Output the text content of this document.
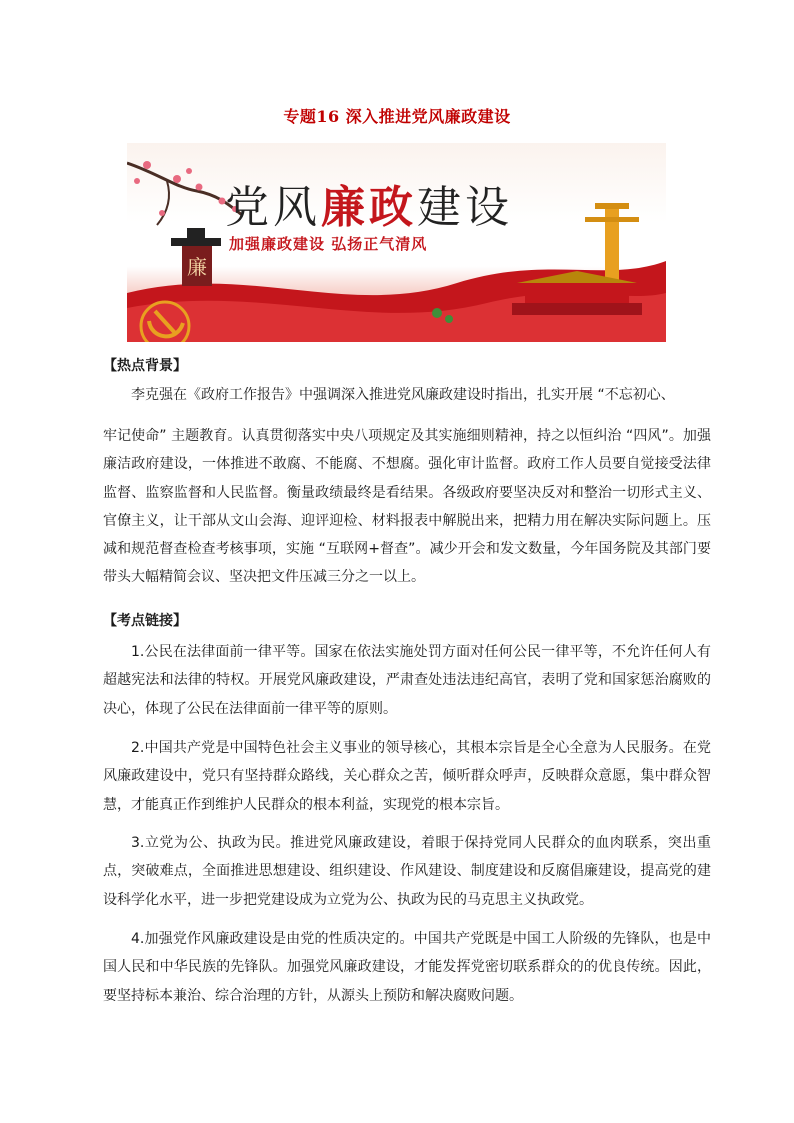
专题16 深入推进党风廉政建设
廉
党风廉政建设
加强廉政建设 弘扬正气清风
【热点背景】

李克强在《政府工作报告》中强调深入推进党风廉政建设时指出，扎实开展 “不忘初心、

牢记使命” 主题教育。认真贯彻落实中央八项规定及其实施细则精神，持之以恒纠治 “四风”。加强廉洁政府建设，一体推进不敢腐、不能腐、不想腐。强化审计监督。政府工作人员要自觉接受法律监督、监察监督和人民监督。衡量政绩最终是看结果。各级政府要坚决反对和整治一切形式主义、官僚主义，让干部从文山会海、迎评迎检、材料报表中解脱出来，把精力用在解决实际问题上。压减和规范督查检查考核事项，实施 “互联网+督查”。减少开会和发文数量，今年国务院及其部门要带头大幅精简会议、坚决把文件压减三分之一以上。

【考点链接】

1.公民在法律面前一律平等。国家在依法实施处罚方面对任何公民一律平等，不允许任何人有超越宪法和法律的特权。开展党风廉政建设，严肃查处违法违纪高官，表明了党和国家惩治腐败的决心，体现了公民在法律面前一律平等的原则。

2.中国共产党是中国特色社会主义事业的领导核心，其根本宗旨是全心全意为人民服务。在党风廉政建设中，党只有坚持群众路线，关心群众之苦，倾听群众呼声，反映群众意愿，集中群众智慧，才能真正作到维护人民群众的根本利益，实现党的根本宗旨。

3.立党为公、执政为民。推进党风廉政建设，着眼于保持党同人民群众的血肉联系，突出重点，突破难点，全面推进思想建设、组织建设、作风建设、制度建设和反腐倡廉建设，提高党的建设科学化水平，进一步把党建设成为立党为公、执政为民的马克思主义执政党。

4.加强党作风廉政建设是由党的性质决定的。中国共产党既是中国工人阶级的先锋队，也是中国人民和中华民族的先锋队。加强党风廉政建设，才能发挥党密切联系群众的的优良传统。因此，要坚持标本兼治、综合治理的方针，从源头上预防和解决腐败问题。
